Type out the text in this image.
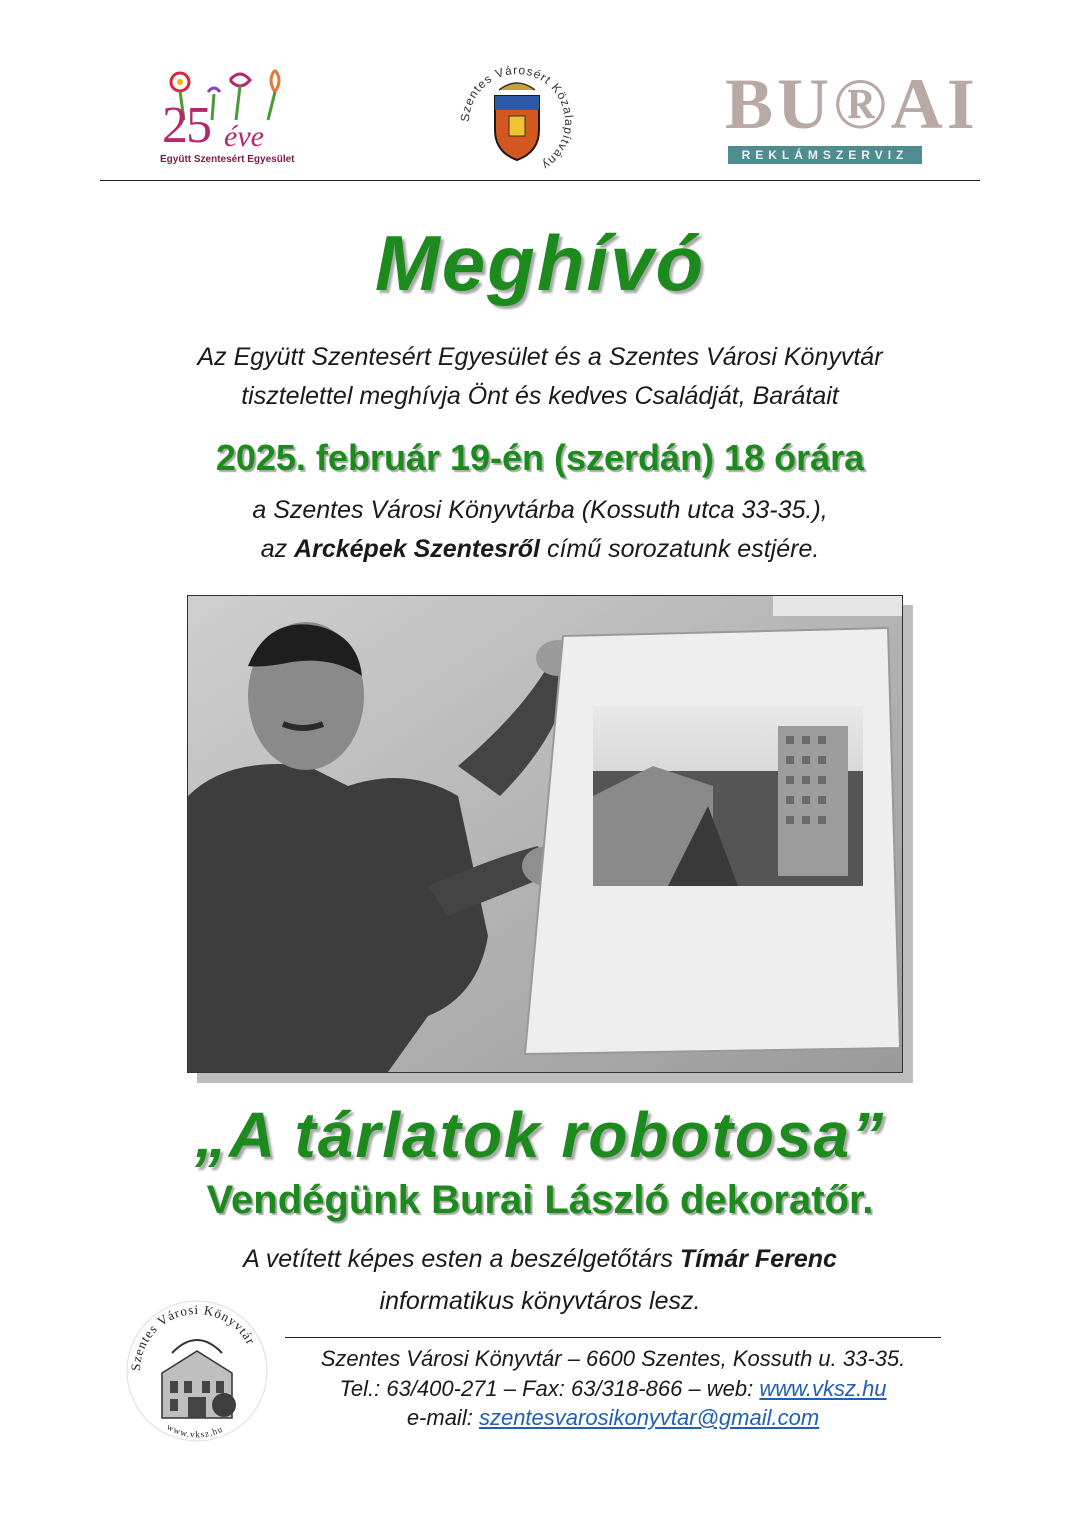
25 éve
Együtt Szentesért Egyesület
Szentes Városért Közalapítvány
BU®AI
REKLÁMSZERVIZ
Meghívó
Az Együtt Szentesért Egyesület és a Szentes Városi Könyvtár
tisztelettel meghívja Önt és kedves Családját, Barátait
2025. február 19-én (szerdán) 18 órára
a Szentes Városi Könyvtárba (Kossuth utca 33-35.),
az Arcképek Szentesről című sorozatunk estjére.
„A tárlatok robotosa”
Vendégünk Burai László dekoratőr.
A vetített képes esten a beszélgetőtárs Tímár Ferenc
informatikus könyvtáros lesz.
Szentes Városi Könyvtár
www.vksz.hu
Szentes Városi Könyvtár – 6600 Szentes, Kossuth u. 33-35.
Tel.: 63/400-271 – Fax: 63/318-866 – web: www.vksz.hu
e-mail: szentesvarosikonyvtar@gmail.com
